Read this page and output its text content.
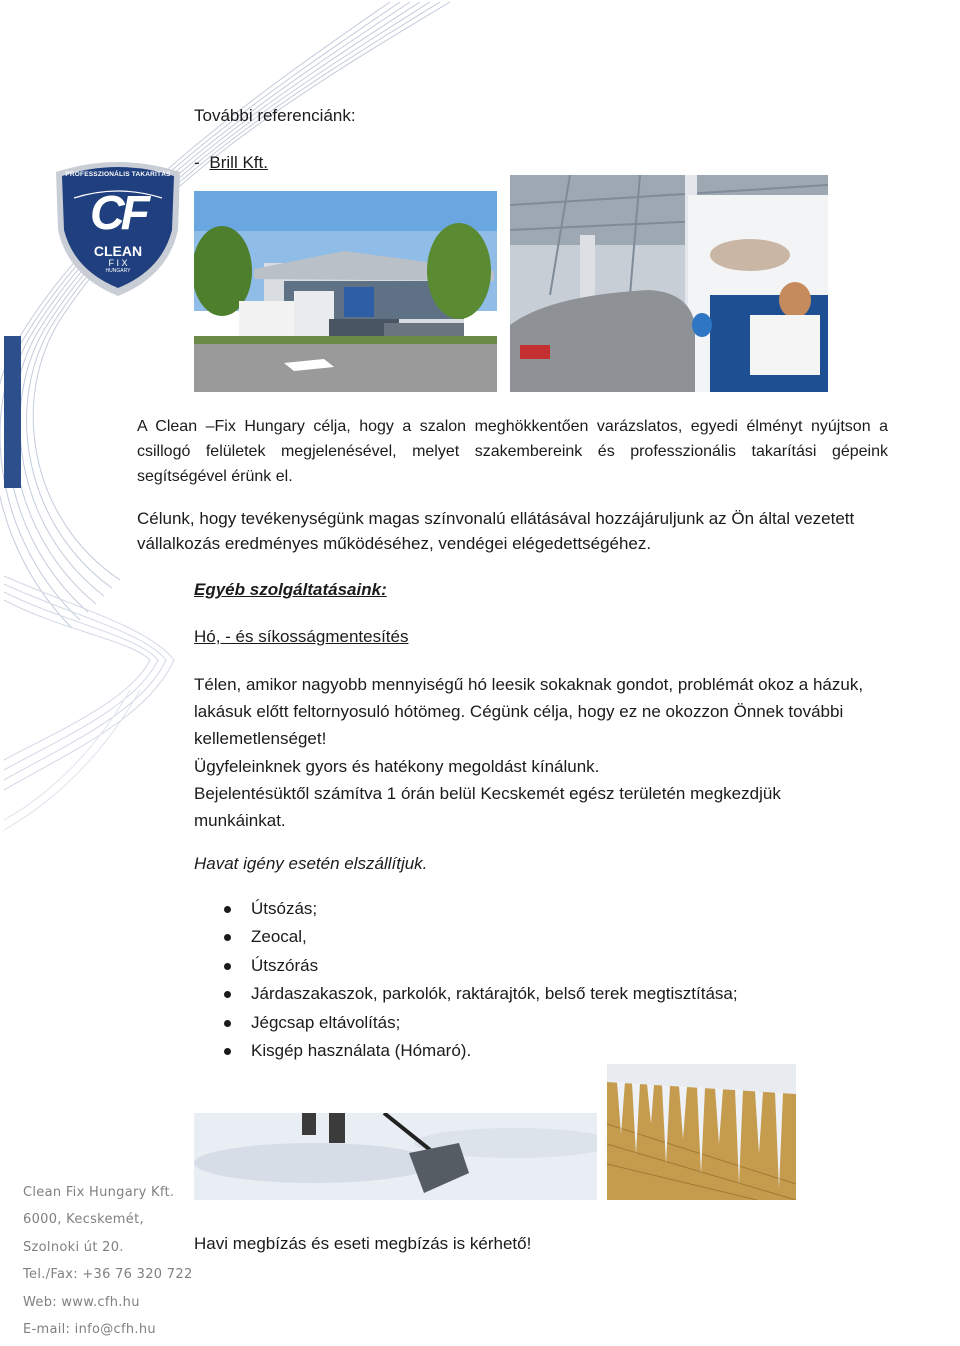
PROFESSZIONÁLIS TAKARÍTÁS
CF
CLEAN
F I X
HUNGARY
További referenciánk:
- Brill Kft.
A Clean –Fix Hungary célja, hogy a szalon meghökkentően varázslatos, egyedi élményt nyújtson a
csillogó felületek megjelenésével, melyet szakembereink és professzionális takarítási gépeink
segítségével érünk el.
Célunk, hogy tevékenységünk magas színvonalú ellátásával hozzájáruljunk az Ön által vezetett
vállalkozás eredményes működéséhez, vendégei elégedettségéhez.
Egyéb szolgáltatásaink:
Hó, - és síkosságmentesítés
Télen, amikor nagyobb mennyiségű hó leesik sokaknak gondot, problémát okoz a házuk,
lakásuk előtt feltornyosuló hótömeg. Cégünk célja, hogy ez ne okozzon Önnek további
kellemetlenséget!
Ügyfeleinknek gyors és hatékony megoldást kínálunk.
Bejelentésüktől számítva 1 órán belül Kecskemét egész területén megkezdjük
munkáinkat.
Havat igény esetén elszállítjuk.
Útsózás;
Zeocal,
Útszórás
Járdaszakaszok, parkolók, raktárajtók, belső terek megtisztítása;
Jégcsap eltávolítás;
Kisgép használata (Hómaró).
Havi megbízás és eseti megbízás is kérhető!
Clean Fix Hungary Kft.
6000, Kecskemét,
Szolnoki út 20.
Tel./Fax: +36 76 320 722
Web: www.cfh.hu
E-mail: info@cfh.hu
